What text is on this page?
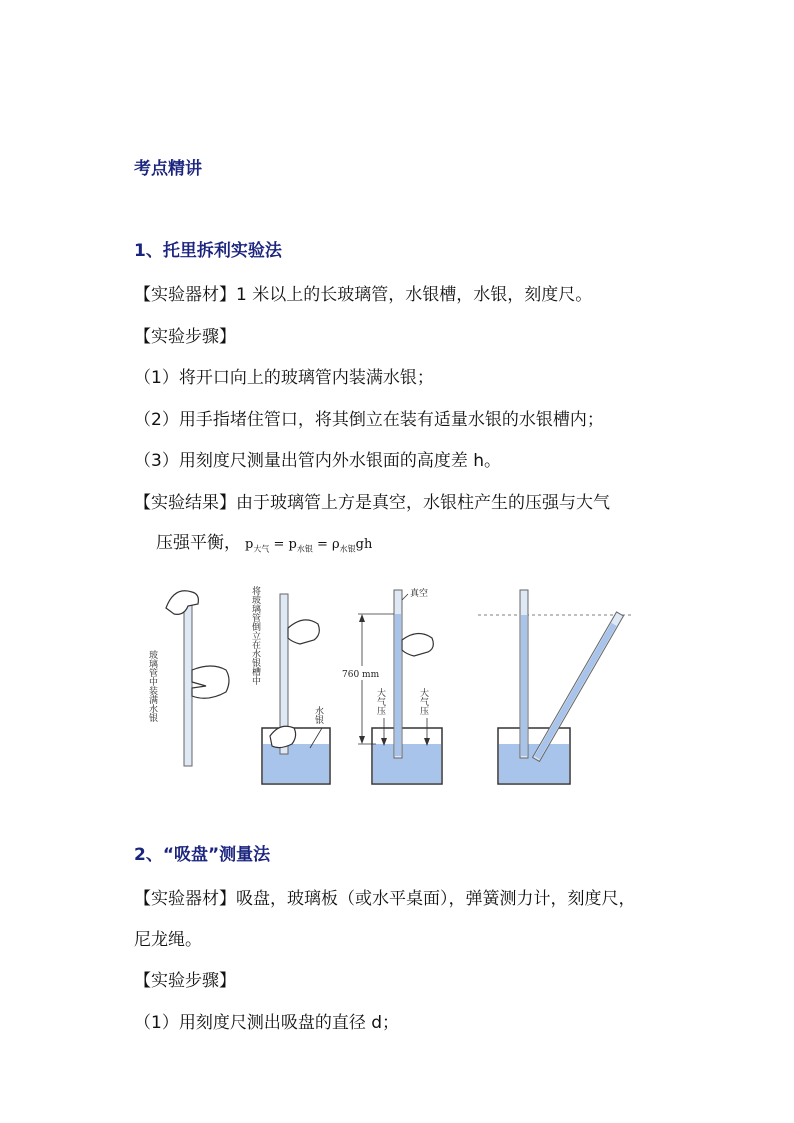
考点精讲
1、托里拆利实验法
【实验器材】1 米以上的长玻璃管，水银槽，水银，刻度尺。
【实验步骤】
（1）将开口向上的玻璃管内装满水银；
（2）用手指堵住管口，将其倒立在装有适量水银的水银槽内；
（3）用刻度尺测量出管内外水银面的高度差 h。
【实验结果】由于玻璃管上方是真空，水银柱产生的压强与大气
压强平衡， $p_{大气} = p_{水银} = \rho_{水银}gh$
玻璃管中装满水银
将玻璃管倒立在水银槽中
水银
760 mm
真空
大气压	大气压
2、“吸盘”测量法
【实验器材】吸盘，玻璃板（或水平桌面），弹簧测力计，刻度尺，
尼龙绳。
【实验步骤】
（1）用刻度尺测出吸盘的直径 d；
